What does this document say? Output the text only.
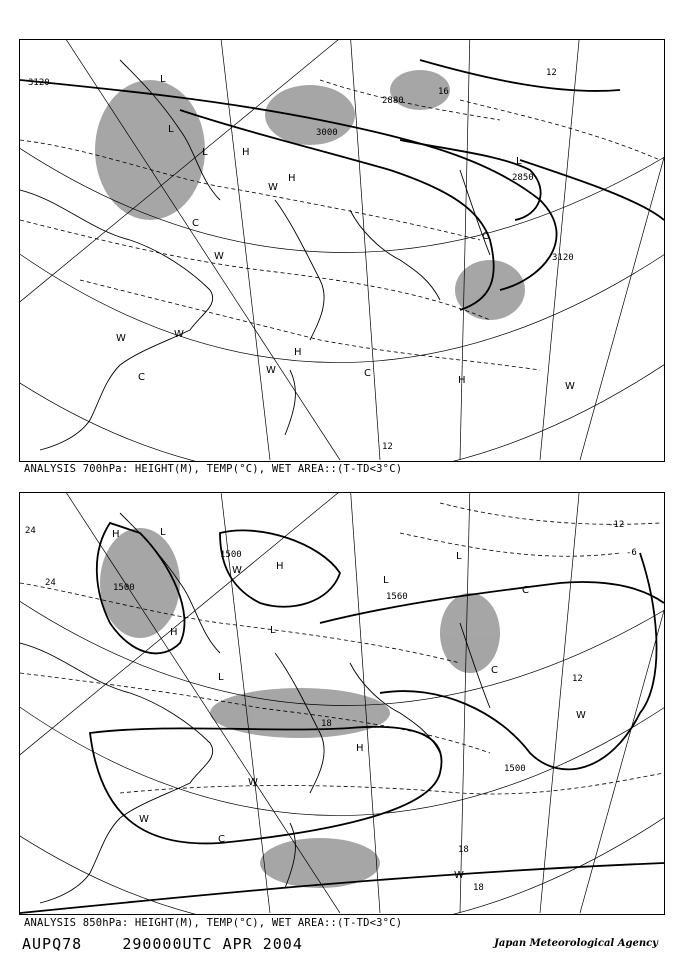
3120
3000
2880
2850
3120
16
12
12
L
L
L
L
H
H
H
H
W
W
W	W
W
W
C	C
C
C
ANALYSIS 700hPa: HEIGHT(M), TEMP(°C), WET AREA::(T-TD<3°C)
24
24	1500
1500
1560
1500
12
-6
-12
18
18
18
L
L
L
L
L
H
H
H
H
W
W
W
W
W
C
C
C
ANALYSIS 850hPa: HEIGHT(M), TEMP(°C), WET AREA::(T-TD<3°C)
AUPQ78	290000UTC APR 2004	Japan Meteorological Agency
